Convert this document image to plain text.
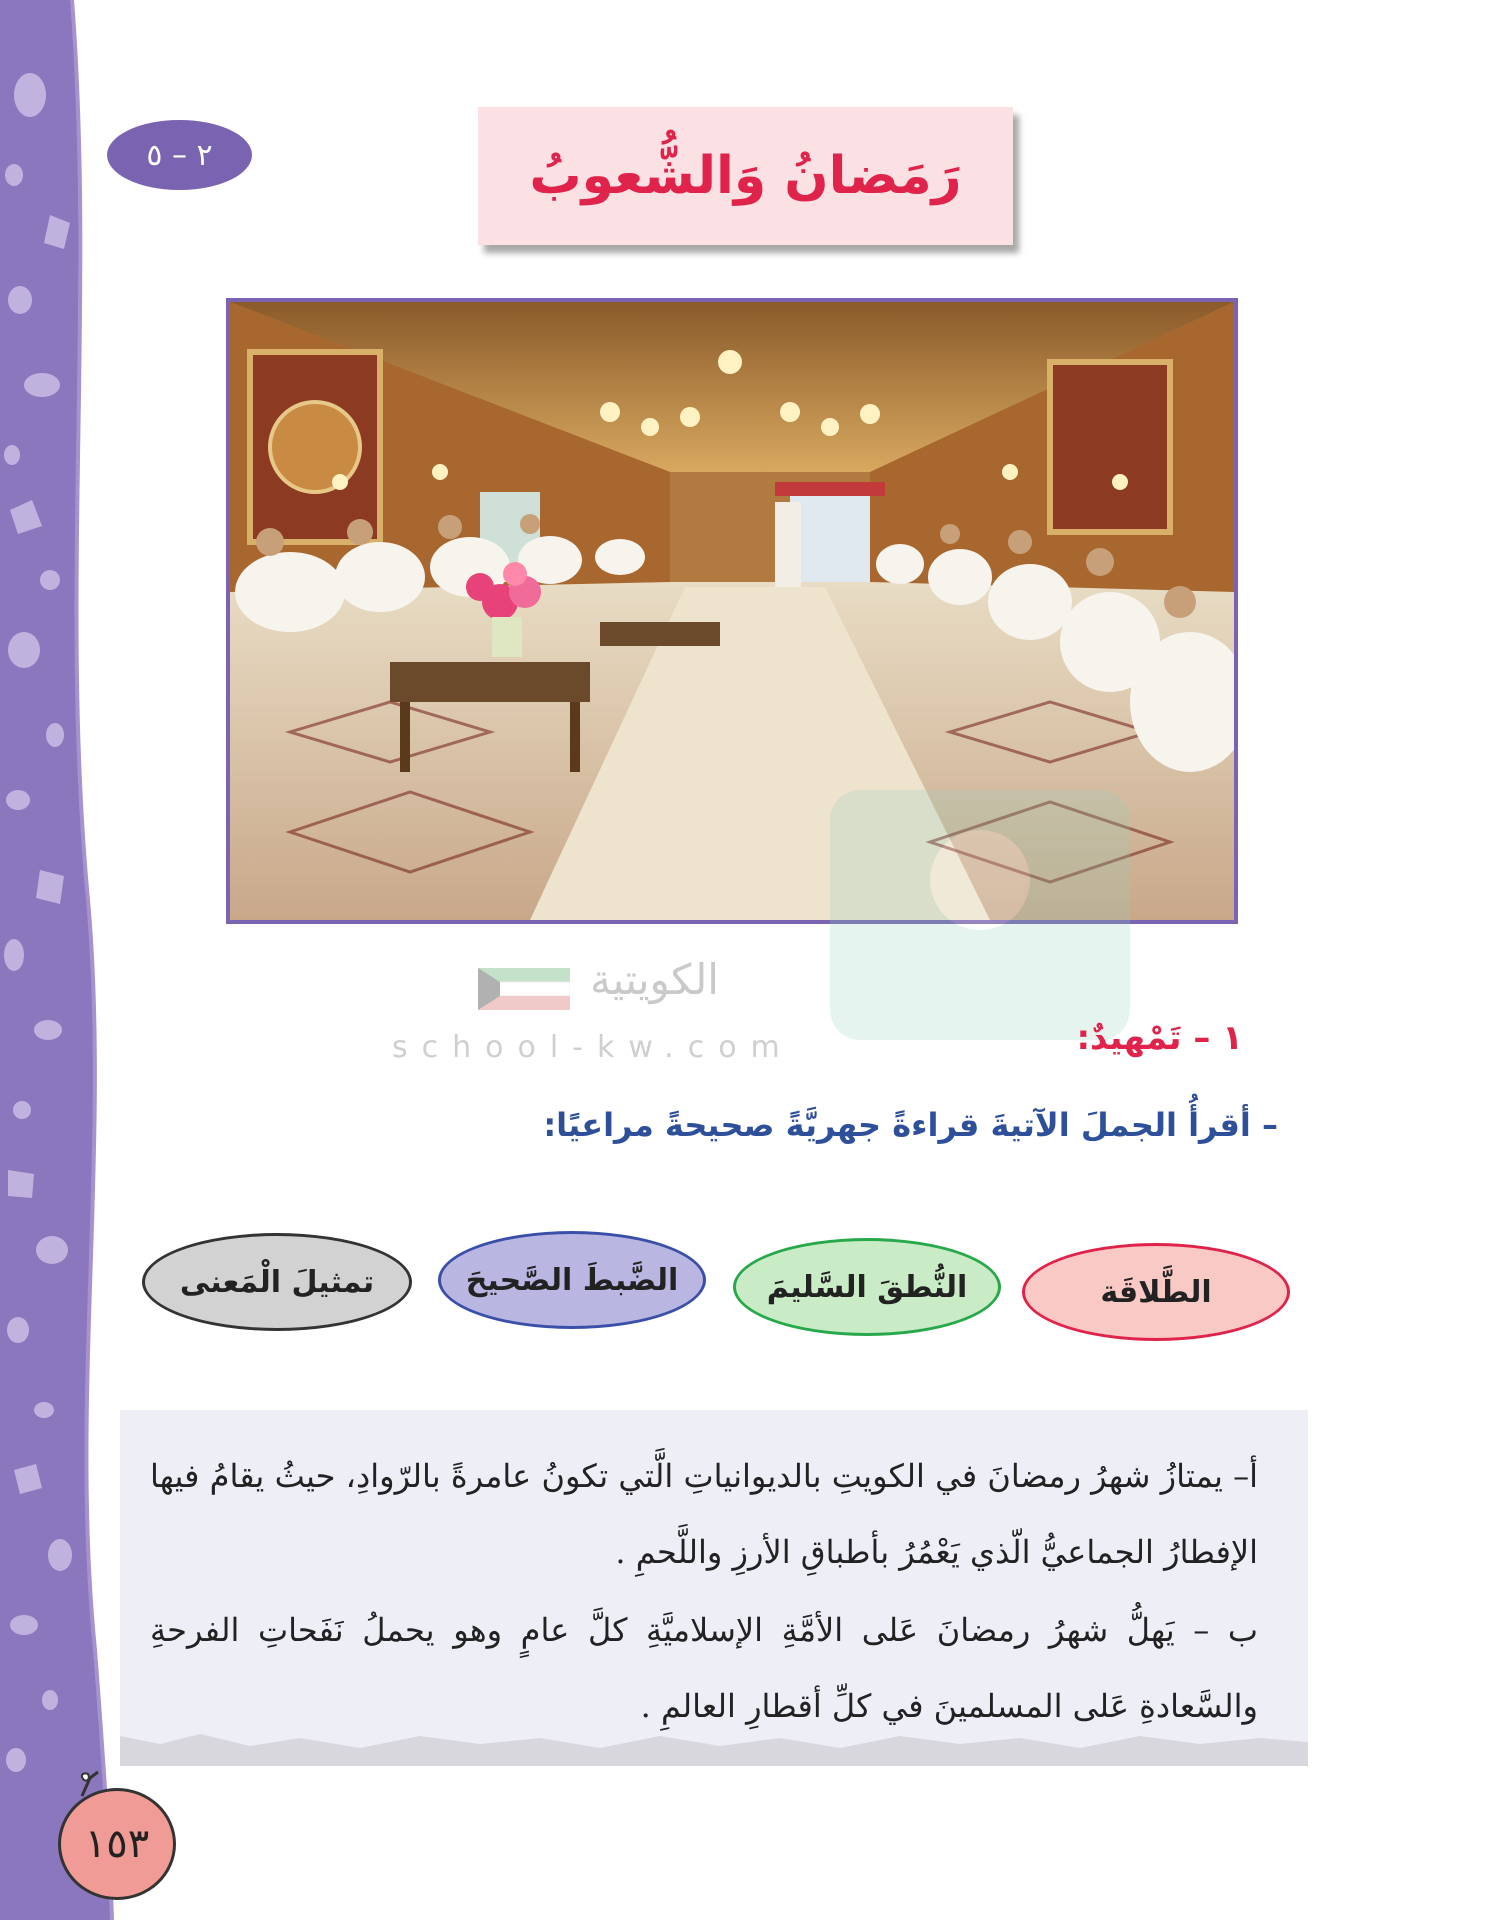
٢ – ٥	رَمَضانُ وَالشُّعوبُ
الكويتية
school-kw.com	١ – تَمْهيدٌ:
– أقرأُ الجملَ الآتيةَ قراءةً جهريَّةً صحيحةً مراعيًا:
الطَّلاقَة
النُّطقَ السَّليمَ
الضَّبطَ الصَّحيحَ
تمثيلَ الْمَعنى

أ– يمتازُ شهرُ رمضانَ في الكويتِ بالديوانياتِ الَّتي تكونُ عامرةً بالرّوادِ، حيثُ يقامُ فيها الإفطارُ الجماعيُّ الّذي يَعْمُرُ بأطباقِ الأرزِ واللَّحمِ .

ب – يَهلُّ شهرُ رمضانَ عَلى الأمَّةِ الإسلاميَّةِ كلَّ عامٍ وهو يحملُ نَفَحاتِ الفرحةِ والسَّعادةِ عَلى المسلمينَ في كلِّ أقطارِ العالمِ .

١٥٣
